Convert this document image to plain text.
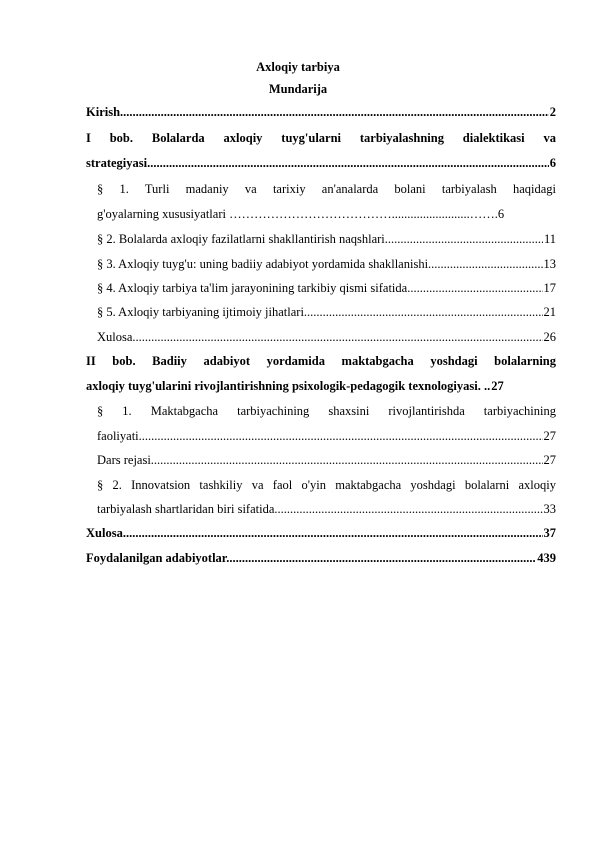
Axloqiy tarbiya
Mundarija
Kirish. .....	2
I bob. Bolalarda axloqiy tuyg'ularni tarbiyalashning dialektikasi va
strategiyasi. .....	6
§ 1. Turli madaniy va tarixiy an'analarda bolani tarbiyalash haqidagi
g'oyalarning xususiyatlari ………………………………….........................…….6
§ 2. Bolalarda axloqiy fazilatlarni shakllantirish naqshlari. .....	11
§ 3. Axloqiy tuyg'u: uning badiiy adabiyot yordamida shakllanishi. .....	13
§ 4. Axloqiy tarbiya ta'lim jarayonining tarkibiy qismi sifatida .....	17
§ 5. Axloqiy tarbiyaning ijtimoiy jihatlari .....	21
Xulosa .....	26
II bob. Badiiy adabiyot yordamida maktabgacha yoshdagi bolalarning
axloqiy tuyg'ularini rivojlantirishning psixologik-pedagogik texnologiyasi. .. 27
§ 1. Maktabgacha tarbiyachining shaxsini rivojlantirishda tarbiyachining
faoliyati .....	27
Dars rejasi .....	27
§ 2. Innovatsion tashkiliy va faol o'yin maktabgacha yoshdagi bolalarni axloqiy
tarbiyalash shartlaridan biri sifatida. .....	33
Xulosa. .....	37
Foydalanilgan adabiyotlar. .....	439
